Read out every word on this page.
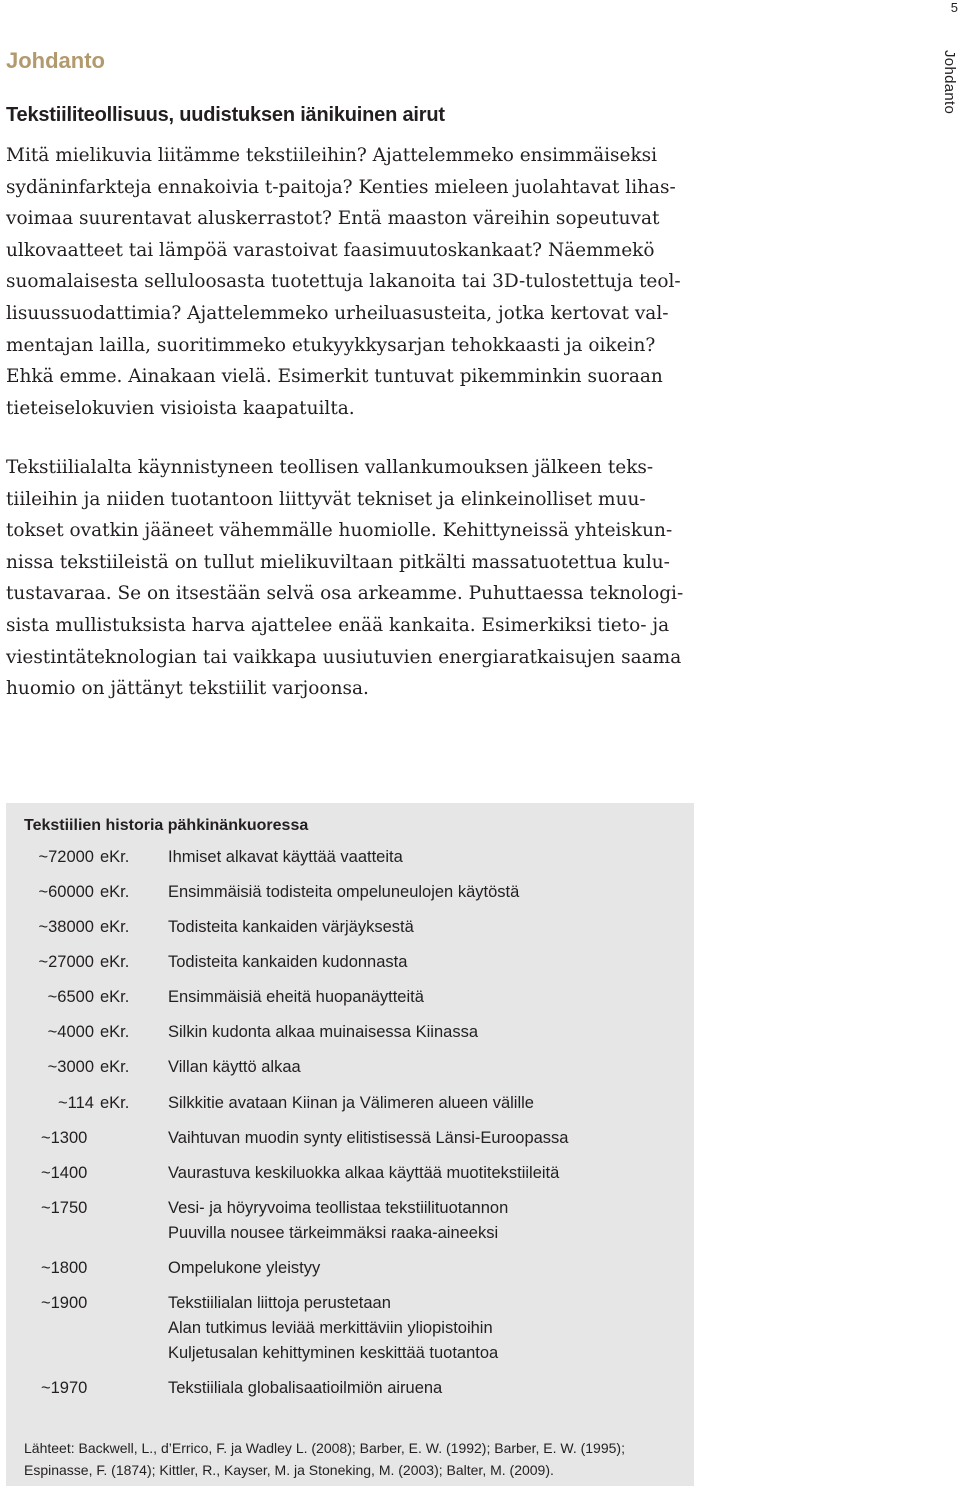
5
Johdanto
Johdanto
Tekstiiliteollisuus, uudistuksen iänikuinen airut

Mitä mielikuvia liitämme tekstiileihin? Ajattelemmeko ensimmäiseksi
sydäninfarkteja ennakoivia t-paitoja? Kenties mieleen juolahtavat lihas-
voimaa suurentavat aluskerrastot? Entä maaston väreihin sopeutuvat
ulkovaatteet tai lämpöä varastoivat faasimuutoskankaat? Näemmekö
suomalaisesta selluloosasta tuotettuja lakanoita tai 3D-tulostettuja teol-
lisuussuodattimia? Ajattelemmeko urheiluasusteita, jotka kertovat val-
mentajan lailla, suoritimmeko etukyykkysarjan tehokkaasti ja oikein?
Ehkä emme. Ainakaan vielä. Esimerkit tuntuvat pikemminkin suoraan
tieteiselokuvien visioista kaapatuilta.

Tekstiilialalta käynnistyneen teollisen vallankumouksen jälkeen teks-
tiileihin ja niiden tuotantoon liittyvät tekniset ja elinkeinolliset muu-
tokset ovatkin jääneet vähemmälle huomiolle. Kehittyneissä yhteiskun-
nissa tekstiileistä on tullut mielikuviltaan pitkälti massatuotettua kulu-
tustavaraa. Se on itsestään selvä osa arkeamme. Puhuttaessa teknologi-
sista mullistuksista harva ajattelee enää kankaita. Esimerkiksi tieto- ja
viestintäteknologian tai vaikkapa uusiutuvien energiaratkaisujen saama
huomio on jättänyt tekstiilit varjoonsa.

Tekstiilien historia pähkinänkuoressa
~72000 eKr. Ihmiset alkavat käyttää vaatteita
~60000 eKr. Ensimmäisiä todisteita ompeluneulojen käytöstä
~38000 eKr. Todisteita kankaiden värjäyksestä
~27000 eKr. Todisteita kankaiden kudonnasta
~6500 eKr. Ensimmäisiä eheitä huopanäytteitä
~4000 eKr. Silkin kudonta alkaa muinaisessa Kiinassa
~3000 eKr. Villan käyttö alkaa
~114 eKr. Silkkitie avataan Kiinan ja Välimeren alueen välille
~1300	Vaihtuvan muodin synty elitistisessä Länsi-Euroopassa
~1400	Vaurastuva keskiluokka alkaa käyttää muotitekstiileitä
~1750	Vesi- ja höyryvoima teollistaa tekstiilituotannon
Puuvilla nousee tärkeimmäksi raaka-aineeksi
~1800	Ompelukone yleistyy
~1900	Tekstiilialan liittoja perustetaan
Alan tutkimus leviää merkittäviin yliopistoihin
Kuljetusalan kehittyminen keskittää tuotantoa
~1970	Tekstiiliala globalisaatioilmiön airuena
Lähteet: Backwell, L., d’Errico, F. ja Wadley L. (2008); Barber, E. W. (1992); Barber, E. W. (1995);
Espinasse, F. (1874); Kittler, R., Kayser, M. ja Stoneking, M. (2003); Balter, M. (2009).
